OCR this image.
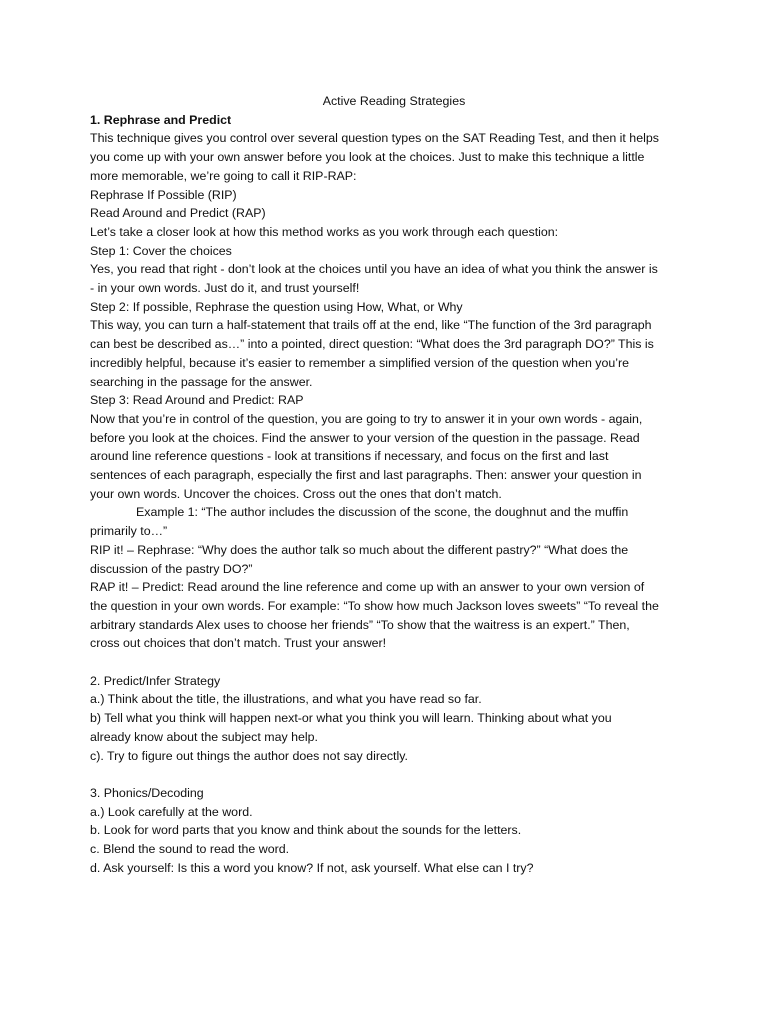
Active Reading Strategies

1. Rephrase and Predict

This technique gives you control over several question types on the SAT Reading Test, and then it helps

you come up with your own answer before you look at the choices. Just to make this technique a little

more memorable, we’re going to call it RIP-RAP:

Rephrase If Possible (RIP)

Read Around and Predict (RAP)

Let’s take a closer look at how this method works as you work through each question:

Step 1: Cover the choices

Yes, you read that right - don’t look at the choices until you have an idea of what you think the answer is

- in your own words. Just do it, and trust yourself!

Step 2: If possible, Rephrase the question using How, What, or Why

This way, you can turn a half-statement that trails off at the end, like “The function of the 3rd paragraph

can best be described as…” into a pointed, direct question: “What does the 3rd paragraph DO?” This is

incredibly helpful, because it’s easier to remember a simplified version of the question when you’re

searching in the passage for the answer.

Step 3: Read Around and Predict: RAP

Now that you’re in control of the question, you are going to try to answer it in your own words - again,

before you look at the choices. Find the answer to your version of the question in the passage. Read

around line reference questions - look at transitions if necessary, and focus on the first and last

sentences of each paragraph, especially the first and last paragraphs. Then: answer your question in

your own words. Uncover the choices. Cross out the ones that don’t match.

Example 1: “The author includes the discussion of the scone, the doughnut and the muffin

primarily to…”

RIP it! – Rephrase: “Why does the author talk so much about the different pastry?” “What does the

discussion of the pastry DO?”

RAP it! – Predict: Read around the line reference and come up with an answer to your own version of

the question in your own words. For example: “To show how much Jackson loves sweets” “To reveal the

arbitrary standards Alex uses to choose her friends” “To show that the waitress is an expert.” Then,

cross out choices that don’t match. Trust your answer!

2. Predict/Infer Strategy

a.) Think about the title, the illustrations, and what you have read so far.

b) Tell what you think will happen next-or what you think you will learn. Thinking about what you

already know about the subject may help.

c). Try to figure out things the author does not say directly.

3. Phonics/Decoding

a.) Look carefully at the word.

b. Look for word parts that you know and think about the sounds for the letters.

c. Blend the sound to read the word.

d. Ask yourself: Is this a word you know? If not, ask yourself. What else can I try?
